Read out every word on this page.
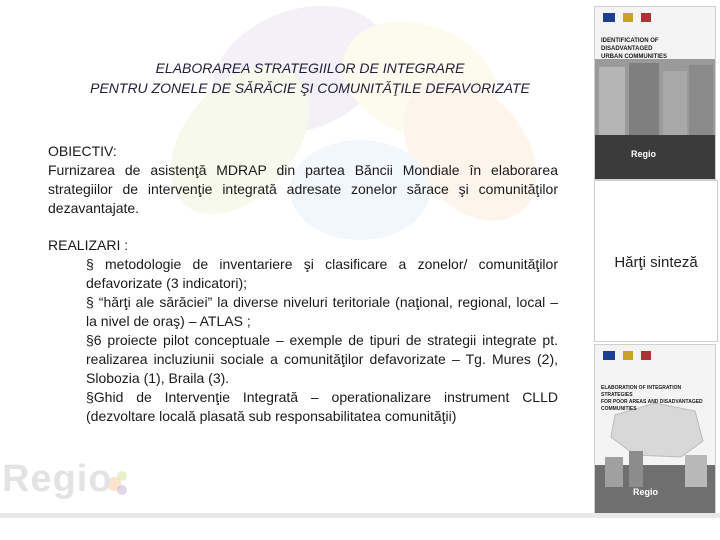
ELABORAREA STRATEGIILOR DE INTEGRARE
PENTRU ZONELE DE SĂRĂCIE ŞI COMUNITĂŢILE DEFAVORIZATE
OBIECTIV:
Furnizarea de asistenţă MDRAP din partea Băncii Mondiale în elaborarea strategiilor de intervenţie integrată adresate zonelor sărace şi comunităţilor dezavantajate.
REALIZARI :
§ metodologie de inventariere şi clasificare a zonelor/ comunităţilor defavorizate (3 indicatori);
§ “hărţi ale sărăciei” la diverse niveluri teritoriale (naţional, regional, local – la nivel de oraş) – ATLAS ;
§6 proiecte pilot conceptuale – exemple de tipuri de strategii integrate pt. realizarea incluziunii sociale a comunităţilor defavorizate – Tg. Mures (2), Slobozia (1), Braila (3).
§Ghid de Intervenţie Integrată – operationalizare instrument CLLD (dezvoltare locală plasată sub responsabilitatea comunităţii)
IDENTIFICATION OF DISADVANTAGED
URBAN COMMUNITIES
Regio
Hărţi sinteză
ELABORATION OF INTEGRATION STRATEGIES
FOR POOR AREAS AND DISADVANTAGED COMMUNITIES
Regio
Regio
